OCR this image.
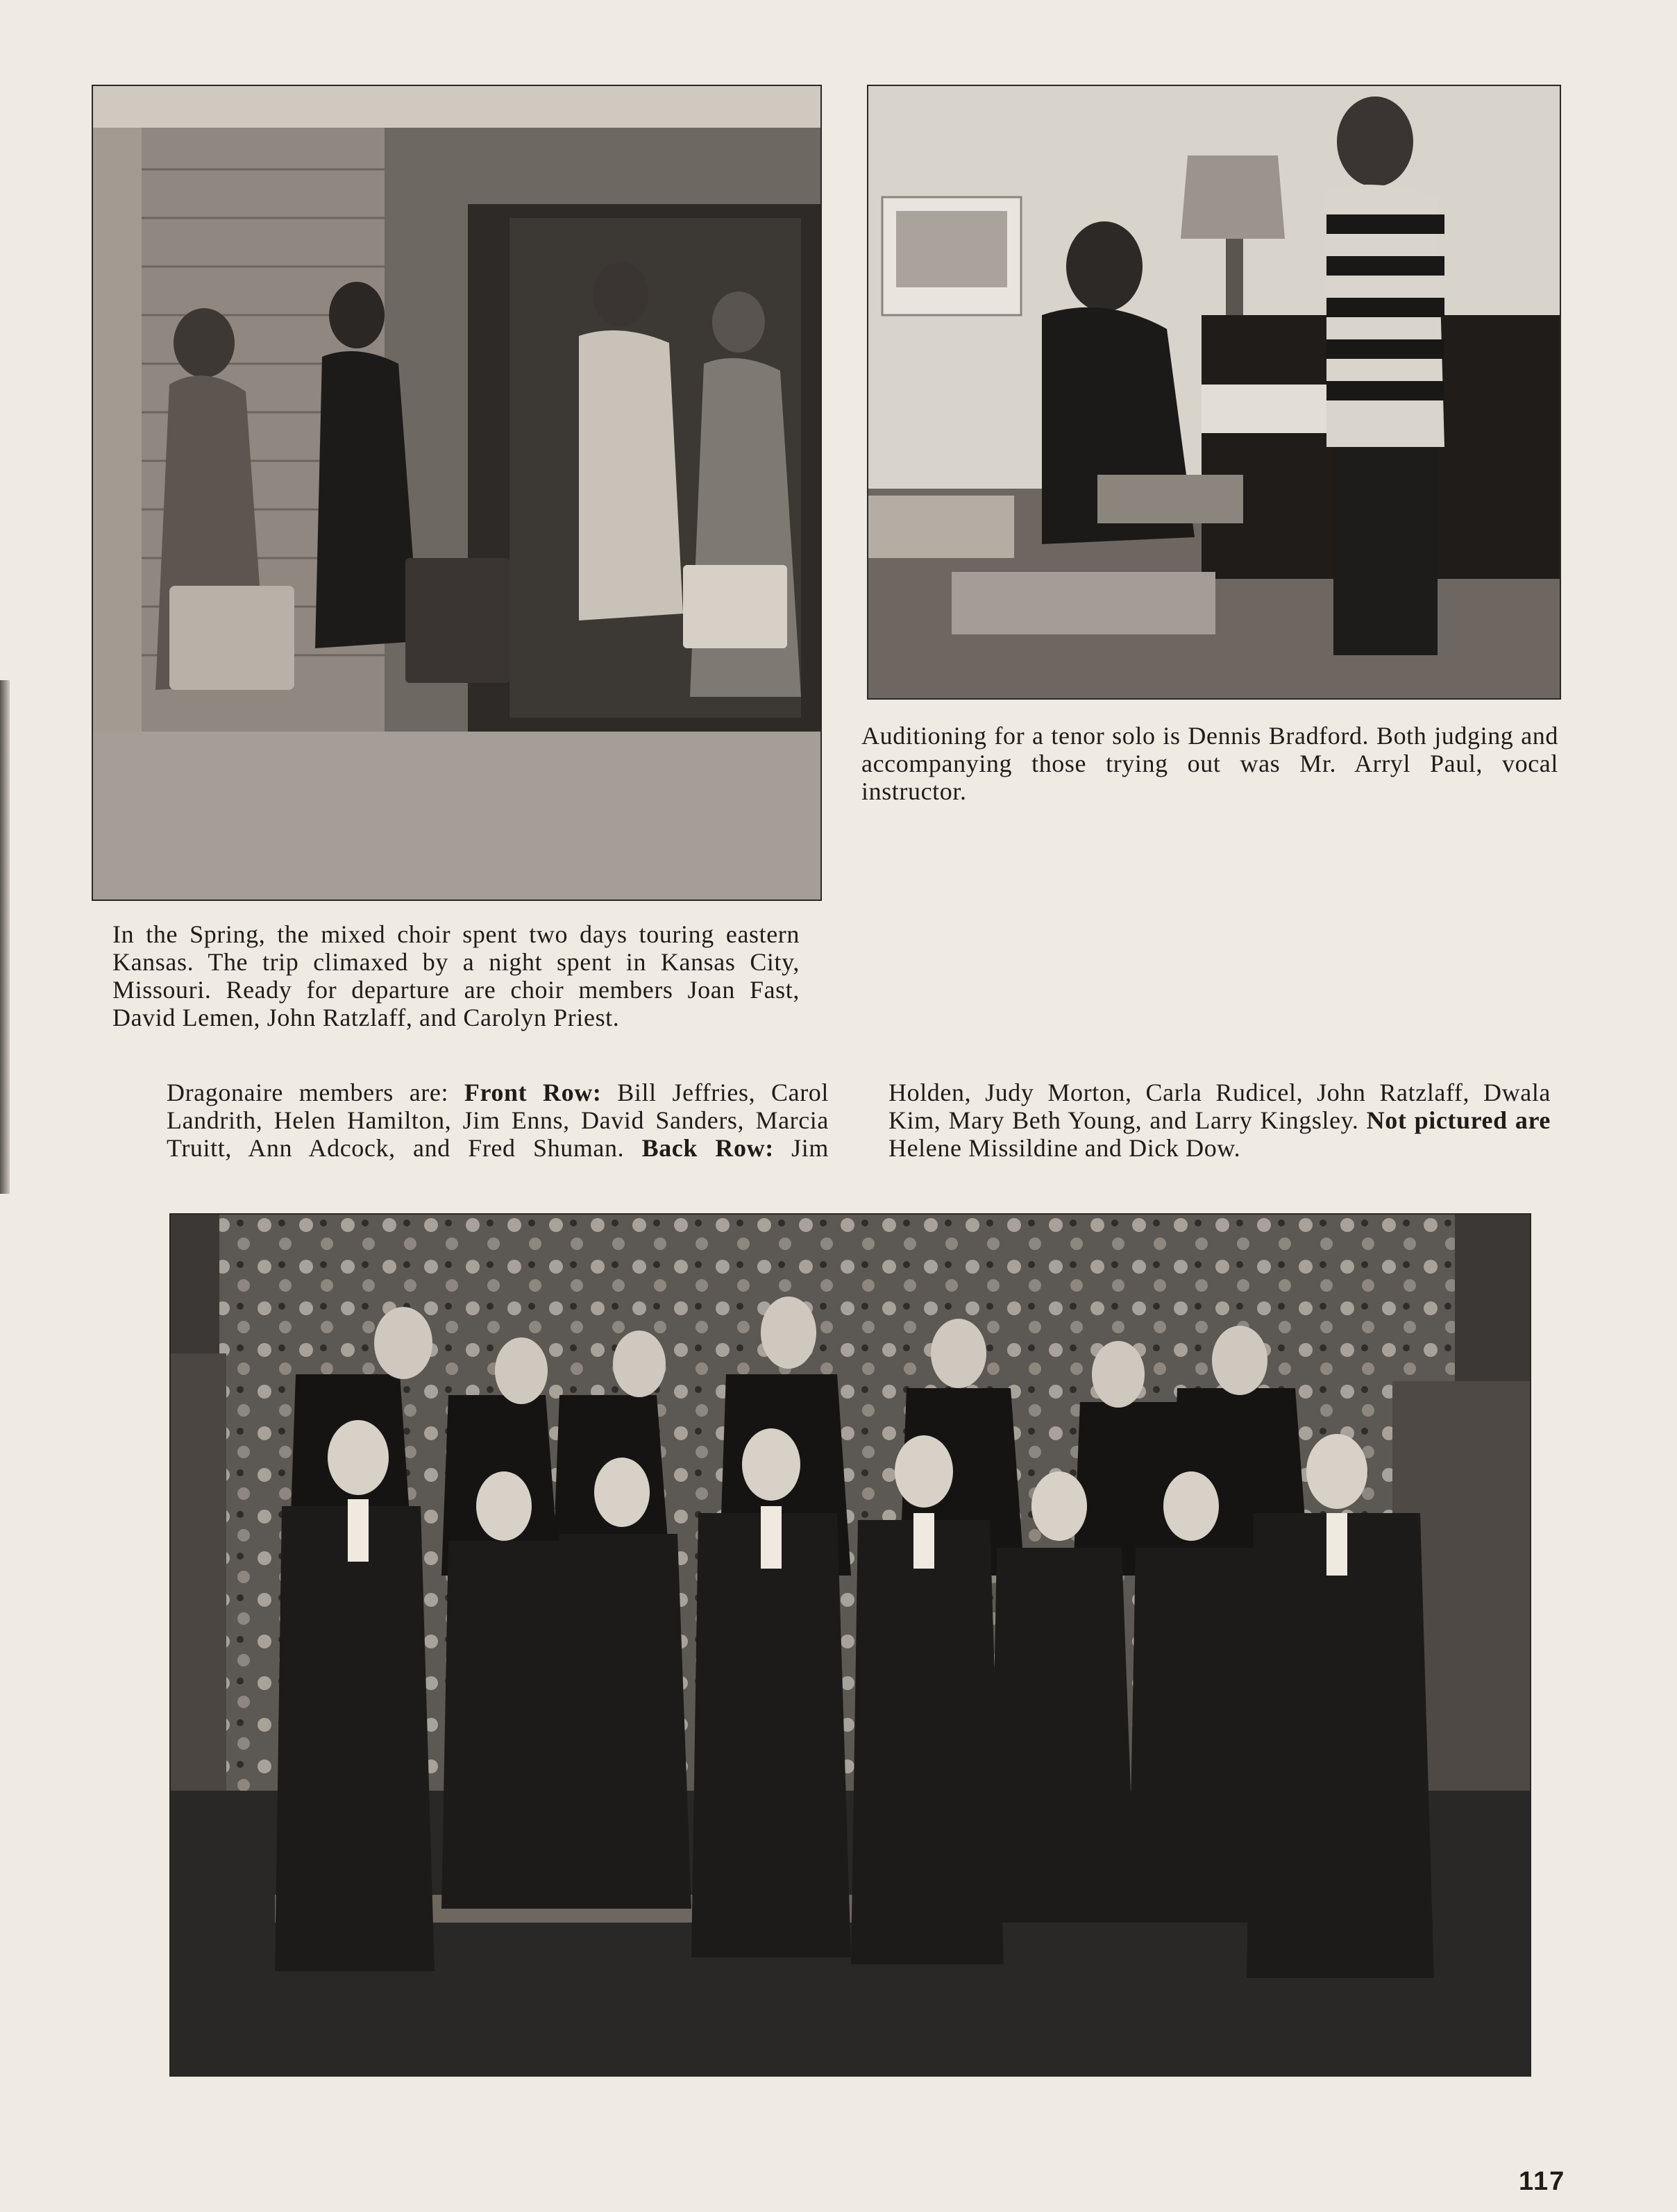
Auditioning for a tenor solo is Dennis Bradford. Both judging and accompanying those trying out was Mr. Arryl Paul, vocal instructor.

In the Spring, the mixed choir spent two days touring eastern Kansas. The trip climaxed by a night spent in Kansas City, Missouri. Ready for departure are choir members Joan Fast, David Lemen, John Ratzlaff, and Carolyn Priest.

Dragonaire members are: Front Row: Bill Jeffries, Carol Landrith, Helen Hamilton, Jim Enns, David Sanders, Marcia Truitt, Ann Adcock, and Fred Shuman. Back Row: Jim Holden, Judy Morton, Carla Rudicel, John Ratzlaff, Dwala Kim, Mary Beth Young, and Larry Kingsley. Not pictured are Helene Missildine and Dick Dow.

117
